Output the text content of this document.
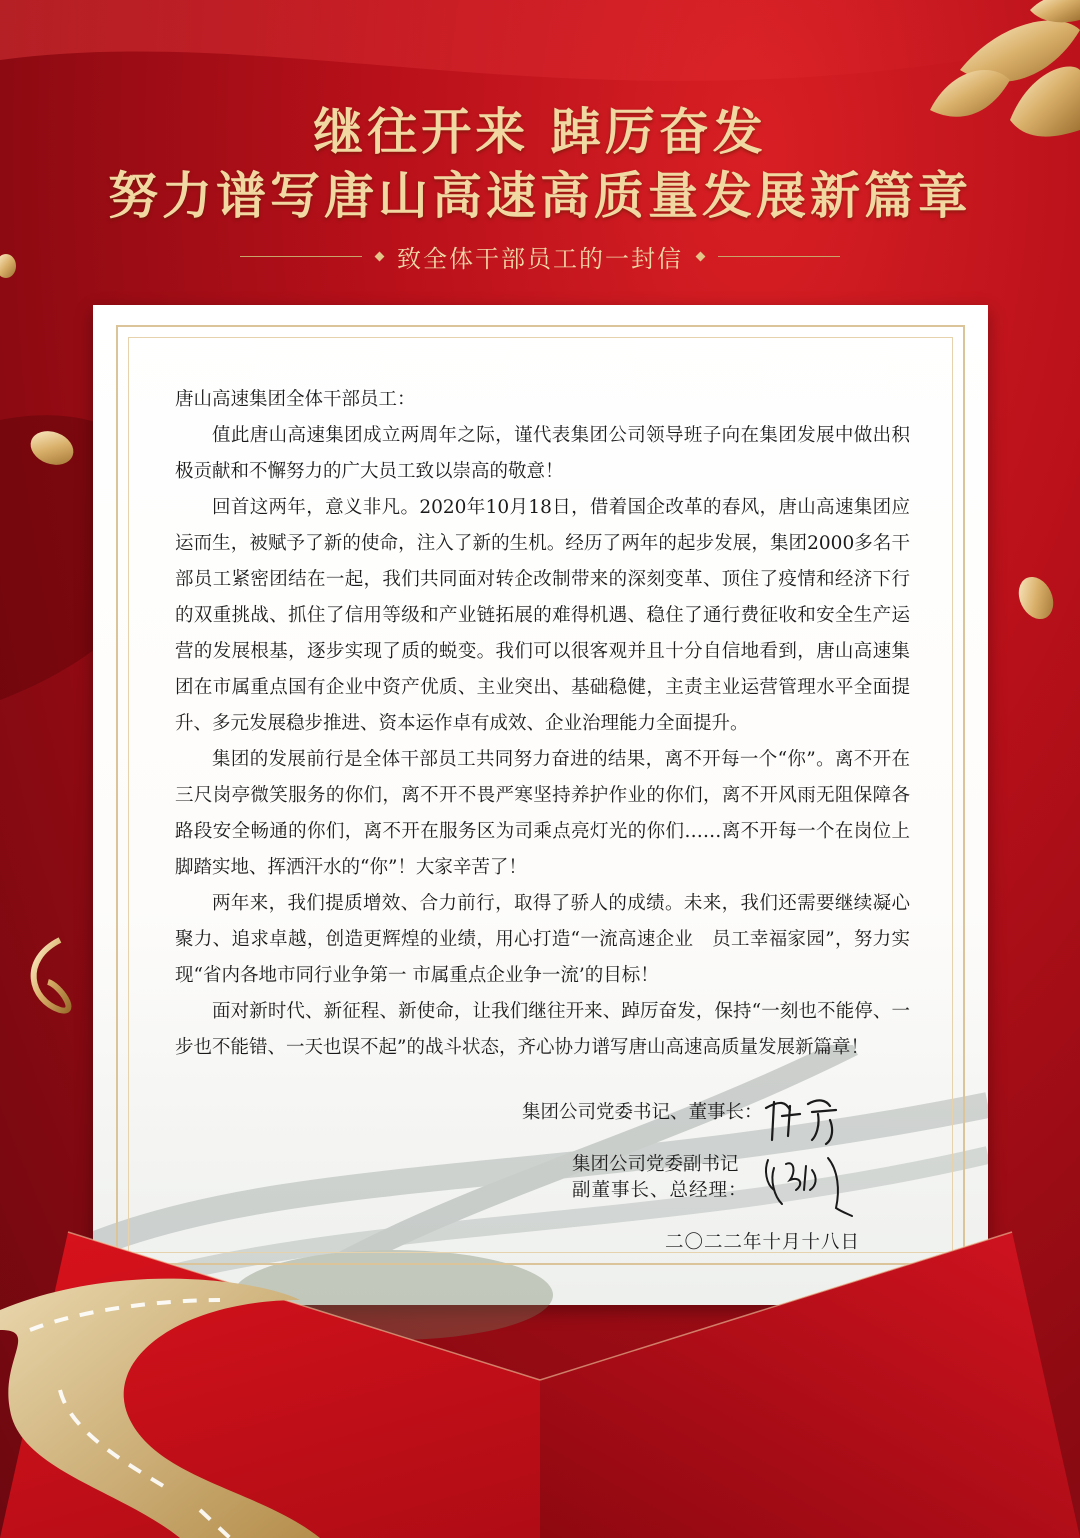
继往开来 踔厉奋发
努力谱写唐山高速高质量发展新篇章
致全体干部员工的一封信

唐山高速集团全体干部员工：

值此唐山高速集团成立两周年之际，谨代表集团公司领导班子向在集团发展中做出积极贡献和不懈努力的广大员工致以崇高的敬意！

回首这两年，意义非凡。2020年10月18日，借着国企改革的春风，唐山高速集团应运而生，被赋予了新的使命，注入了新的生机。经历了两年的起步发展，集团2000多名干部员工紧密团结在一起，我们共同面对转企改制带来的深刻变革、顶住了疫情和经济下行的双重挑战、抓住了信用等级和产业链拓展的难得机遇、稳住了通行费征收和安全生产运营的发展根基，逐步实现了质的蜕变。我们可以很客观并且十分自信地看到，唐山高速集团在市属重点国有企业中资产优质、主业突出、基础稳健，主责主业运营管理水平全面提升、多元发展稳步推进、资本运作卓有成效、企业治理能力全面提升。

集团的发展前行是全体干部员工共同努力奋进的结果，离不开每一个“你”。离不开在三尺岗亭微笑服务的你们，离不开不畏严寒坚持养护作业的你们，离不开风雨无阻保障各路段安全畅通的你们，离不开在服务区为司乘点亮灯光的你们……离不开每一个在岗位上脚踏实地、挥洒汗水的“你”！大家辛苦了！

两年来，我们提质增效、合力前行，取得了骄人的成绩。未来，我们还需要继续凝心聚力、追求卓越，创造更辉煌的业绩，用心打造“一流高速企业　员工幸福家园”，努力实现“省内各地市同行业争第一 市属重点企业争一流’的目标！

面对新时代、新征程、新使命，让我们继往开来、踔厉奋发，保持“一刻也不能停、一步也不能错、一天也误不起”的战斗状态，齐心协力谱写唐山高速高质量发展新篇章！

集团公司党委书记、董事长：
集团公司党委副书记
副董事长、总经理：
二〇二二年十月十八日
